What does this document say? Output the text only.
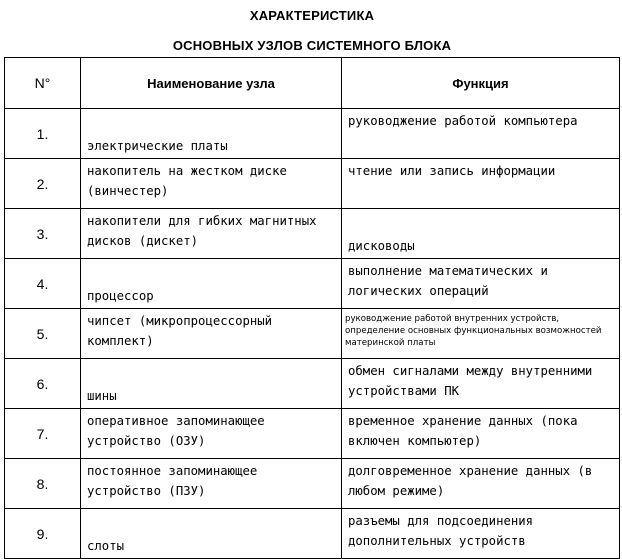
ХАРАКТЕРИСТИКА
ОСНОВНЫХ УЗЛОВ СИСТЕМНОГО БЛОКА
N°	Наименование узла	Функция
1.	электрические платы	руководжение работой компьютера

2.	накопитель на жестком диске (винчестер)	чтение или запись информации

3.	накопители для гибких магнитных дисков (дискет)	дисководы

4.	процессор	выполнение математических и логических операций

5.	чипсет (микропроцессорный комплект)	руководжение работой внутренних устройств, определение основных функциональных возможностей материнской платы

6.	шины	обмен сигналами между внутренними устройствами ПК

7.	оперативное запоминающее устройство (ОЗУ)	временное хранение данных (пока включен компьютер)

8.	постоянное запоминающее устройство (ПЗУ)	долговременное хранение данных (в любом режиме)

9.	слоты	разъемы для подсоединения дополнительных устройств
